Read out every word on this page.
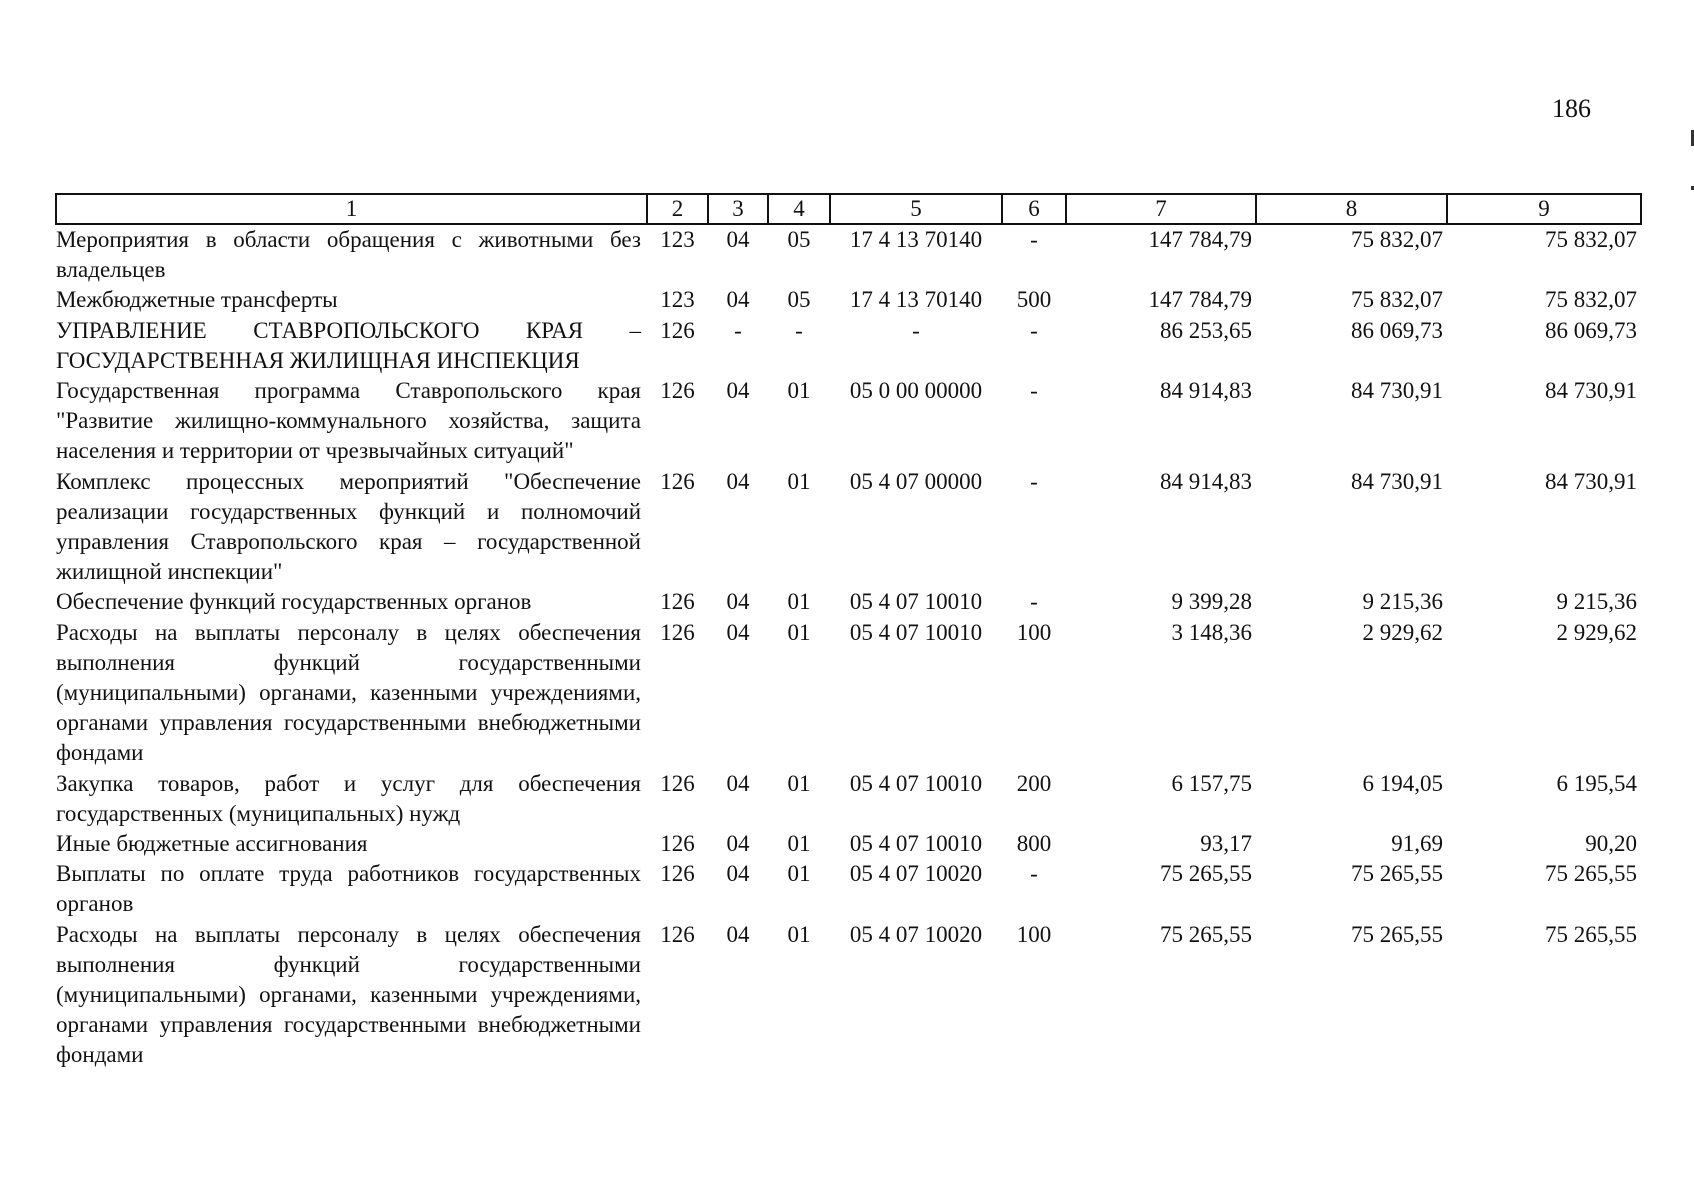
186
1	2	3	4	5	6	7	8	9
Мероприятия в области обращения с животными без владельцев	123	04	05	17 4 13 70140	-	147 784,79	75 832,07	75 832,07
Межбюджетные трансферты	123	04	05	17 4 13 70140	500	147 784,79	75 832,07	75 832,07
УПРАВЛЕНИЕ СТАВРОПОЛЬСКОГО КРАЯ – ГОСУДАРСТВЕННАЯ ЖИЛИЩНАЯ ИНСПЕКЦИЯ	126	-	-	-	-	86 253,65	86 069,73	86 069,73
Государственная программа Ставропольского края "Развитие жилищно-коммунального хозяйства, защита населения и территории от чрезвычайных ситуаций"	126	04	01	05 0 00 00000	-	84 914,83	84 730,91	84 730,91
Комплекс процессных мероприятий "Обеспечение реализации государственных функций и полномочий управления Ставропольского края – государственной жилищной инспекции"	126	04	01	05 4 07 00000	-	84 914,83	84 730,91	84 730,91
Обеспечение функций государственных органов	126	04	01	05 4 07 10010	-	9 399,28	9 215,36	9 215,36
Расходы на выплаты персоналу в целях обеспечения выполнения функций государственными (муниципальными) органами, казенными учреждениями, органами управления государственными внебюджетными фондами	126	04	01	05 4 07 10010	100	3 148,36	2 929,62	2 929,62
Закупка товаров, работ и услуг для обеспечения государственных (муниципальных) нужд	126	04	01	05 4 07 10010	200	6 157,75	6 194,05	6 195,54
Иные бюджетные ассигнования	126	04	01	05 4 07 10010	800	93,17	91,69	90,20
Выплаты по оплате труда работников государственных органов	126	04	01	05 4 07 10020	-	75 265,55	75 265,55	75 265,55
Расходы на выплаты персоналу в целях обеспечения выполнения функций государственными (муниципальными) органами, казенными учреждениями, органами управления государственными внебюджетными фондами	126	04	01	05 4 07 10020	100	75 265,55	75 265,55	75 265,55
